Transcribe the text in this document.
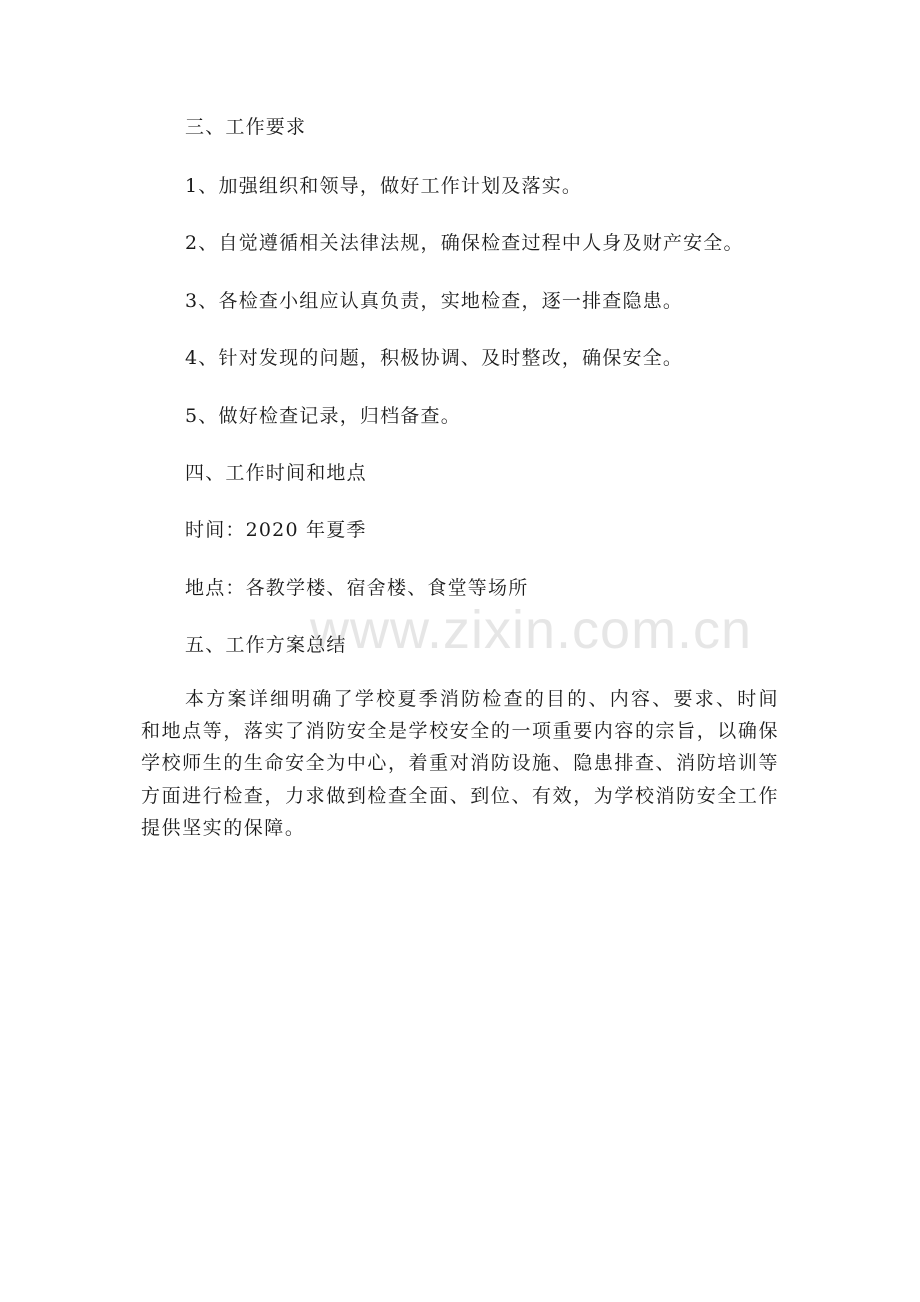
www.zixin.com.cn
三、工作要求
1、加强组织和领导，做好工作计划及落实。
2、自觉遵循相关法律法规，确保检查过程中人身及财产安全。
3、各检查小组应认真负责，实地检查，逐一排查隐患。
4、针对发现的问题，积极协调、及时整改，确保安全。
5、做好检查记录，归档备查。
四、工作时间和地点
时间：2020 年夏季
地点：各教学楼、宿舍楼、食堂等场所
五、工作方案总结
本方案详细明确了学校夏季消防检查的目的、内容、要求、时间和地点等，落实了消防安全是学校安全的一项重要内容的宗旨，以确保学校师生的生命安全为中心，着重对消防设施、隐患排查、消防培训等方面进行检查，力求做到检查全面、到位、有效，为学校消防安全工作提供坚实的保障。
